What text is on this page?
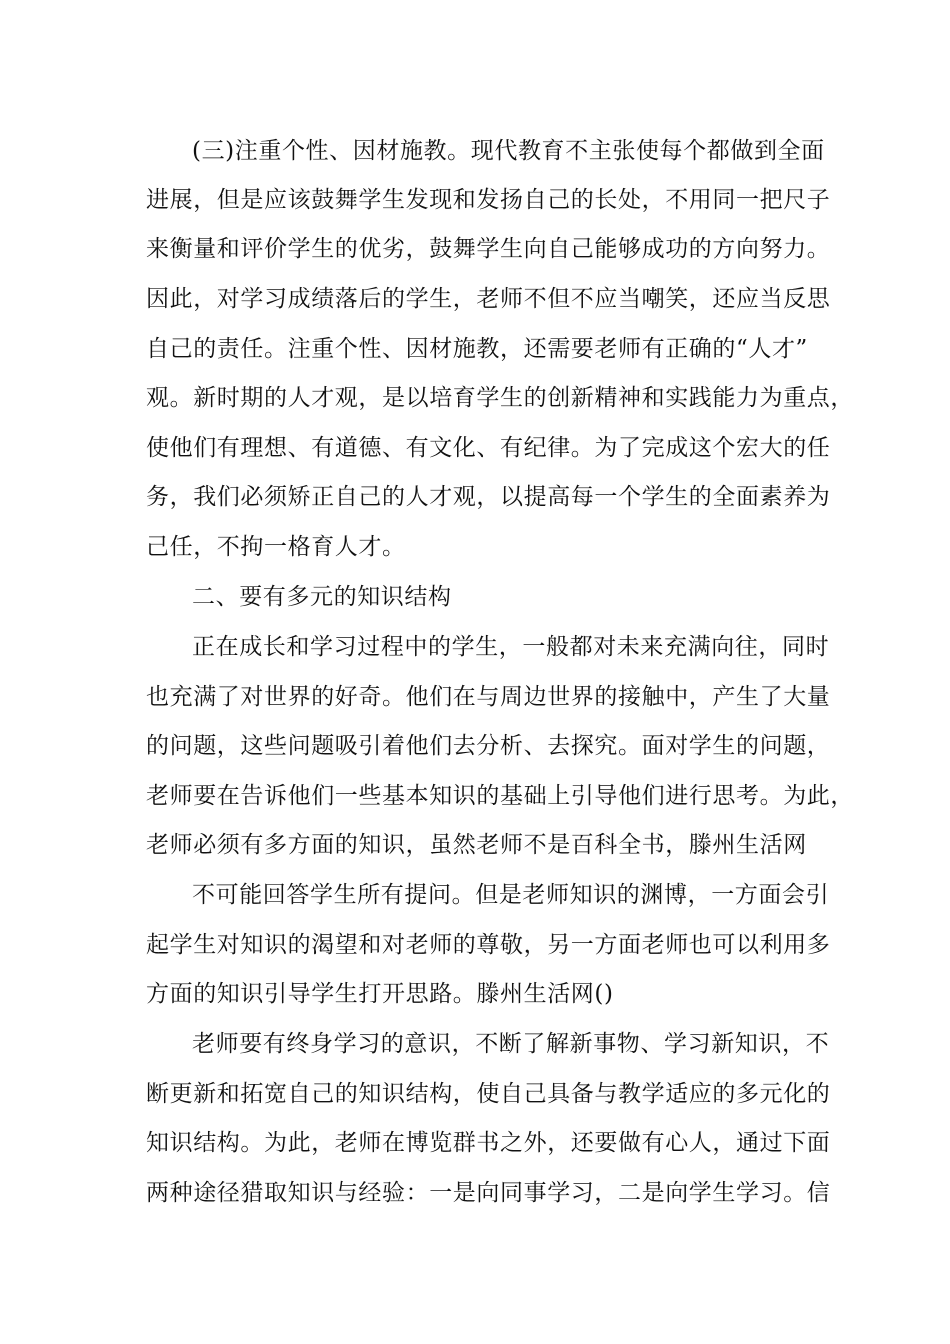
(三)注重个性、因材施教。现代教育不主张使每个都做到全面
进展，但是应该鼓舞学生发现和发扬自己的长处，不用同一把尺子
来衡量和评价学生的优劣，鼓舞学生向自己能够成功的方向努力。
因此，对学习成绩落后的学生，老师不但不应当嘲笑，还应当反思
自己的责任。注重个性、因材施教，还需要老师有正确的“人才”
观。新时期的人才观，是以培育学生的创新精神和实践能力为重点，
使他们有理想、有道德、有文化、有纪律。为了完成这个宏大的任
务，我们必须矫正自己的人才观，以提高每一个学生的全面素养为
己任，不拘一格育人才。
二、要有多元的知识结构
正在成长和学习过程中的学生，一般都对未来充满向往，同时
也充满了对世界的好奇。他们在与周边世界的接触中，产生了大量
的问题，这些问题吸引着他们去分析、去探究。面对学生的问题，
老师要在告诉他们一些基本知识的基础上引导他们进行思考。为此，
老师必须有多方面的知识，虽然老师不是百科全书，滕州生活网
不可能回答学生所有提问。但是老师知识的渊博，一方面会引
起学生对知识的渴望和对老师的尊敬，另一方面老师也可以利用多
方面的知识引导学生打开思路。滕州生活网()
老师要有终身学习的意识，不断了解新事物、学习新知识，不
断更新和拓宽自己的知识结构，使自己具备与教学适应的多元化的
知识结构。为此，老师在博览群书之外，还要做有心人，通过下面
两种途径猎取知识与经验：一是向同事学习，二是向学生学习。信
